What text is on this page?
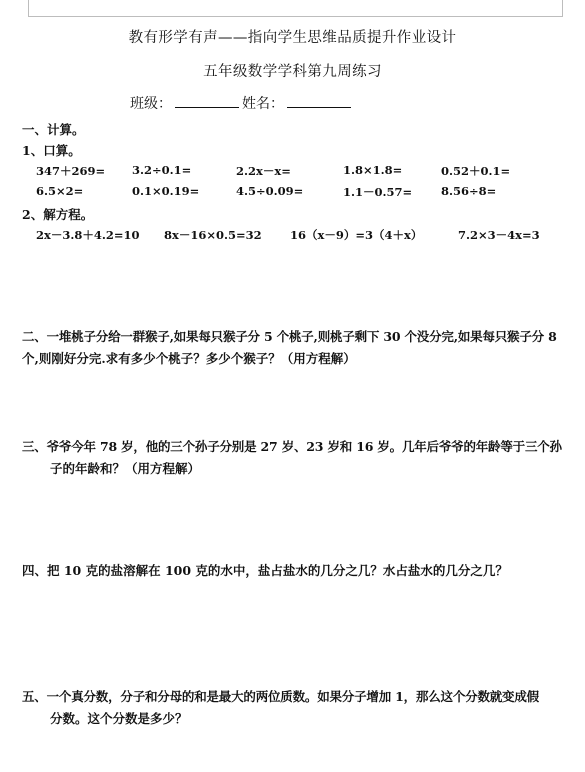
教有形学有声——指向学生思维品质提升作业设计
五年级数学学科第九周练习
班级：	姓名：
一、计算。
1、口算。
347＋269= 3.2÷0.1=	2.2x－x=	1.8×1.8=	0.52＋0.1=
6.5×2=	0.1×0.19=	4.5÷0.09=	1.1－0.57=	8.56÷8=
2、解方程。
2x－3.8＋4.2=10 8x－16×0.5=32 16（x－9）=3（4＋x）	7.2×3－4x=3
二、一堆桃子分给一群猴子,如果每只猴子分 5 个桃子,则桃子剩下 30 个没分完,如果每只猴子分 8
个,则刚好分完.求有多少个桃子？多少个猴子？（用方程解）
三、爷爷今年 78 岁，他的三个孙子分别是 27 岁、23 岁和 16 岁。几年后爷爷的年龄等于三个孙
子的年龄和？（用方程解）
四、把 10 克的盐溶解在 100 克的水中，盐占盐水的几分之几？水占盐水的几分之几？
五、一个真分数，分子和分母的和是最大的两位质数。如果分子增加 1，那么这个分数就变成假
分数。这个分数是多少？
